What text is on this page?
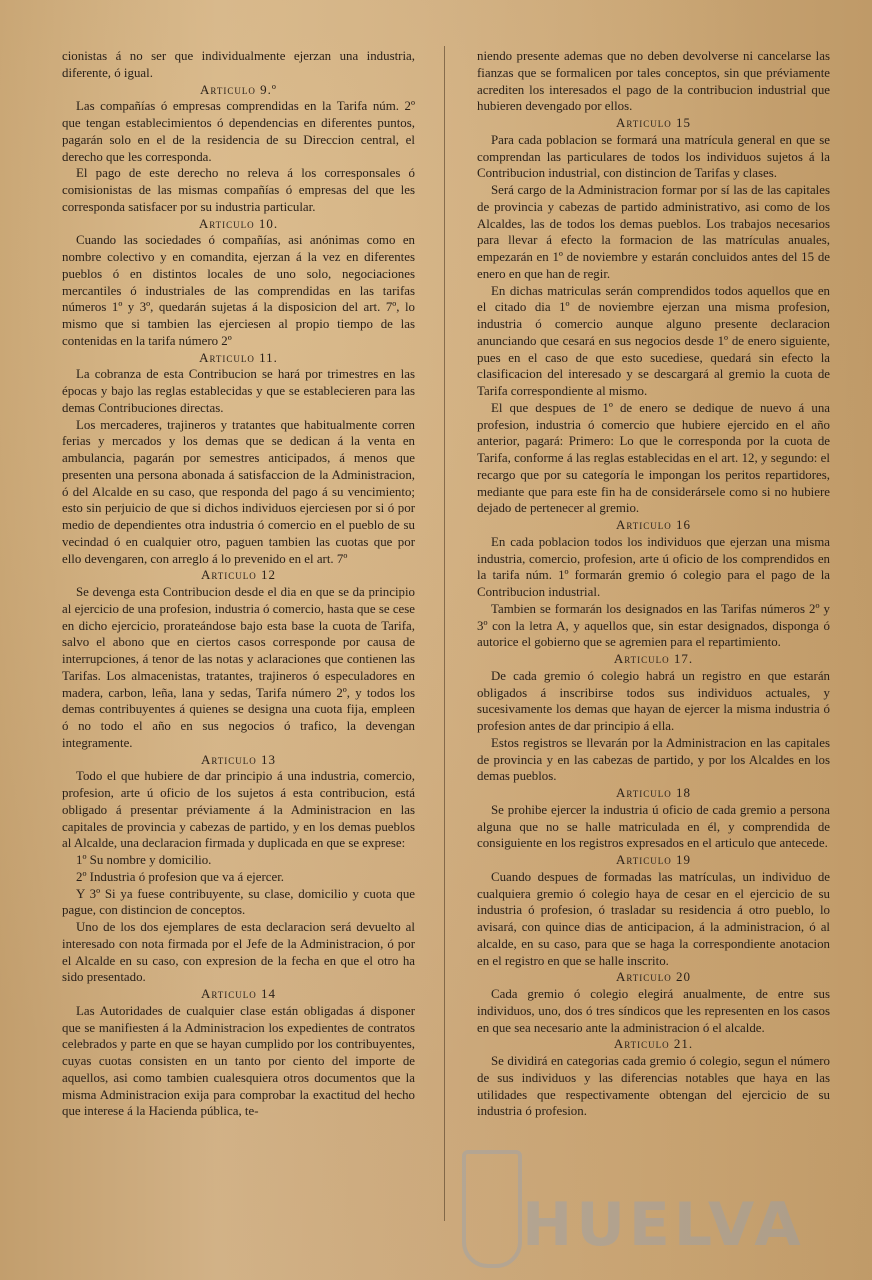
cionistas á no ser que individualmente ejerzan una industria, diferente, ó igual.

Articulo 9.º

Las compañías ó empresas comprendidas en la Tarifa núm. 2º que tengan establecimientos ó dependencias en diferentes puntos, pagarán solo en el de la residencia de su Direccion central, el derecho que les corresponda.

El pago de este derecho no releva á los corresponsales ó comisionistas de las mismas compañías ó empresas del que les corresponda satisfacer por su industria particular.

Articulo 10.

Cuando las sociedades ó compañías, asi anónimas como en nombre colectivo y en comandita, ejerzan á la vez en diferentes pueblos ó en distintos locales de uno solo, negociaciones mercantiles ó industriales de las comprendidas en las tarifas números 1º y 3º, quedarán sujetas á la disposicion del art. 7º, lo mismo que si tambien las ejerciesen al propio tiempo de las contenidas en la tarifa número 2º

Articulo 11.

La cobranza de esta Contribucion se hará por trimestres en las épocas y bajo las reglas establecidas y que se establecieren para las demas Contribuciones directas.

Los mercaderes, trajineros y tratantes que habitualmente corren ferias y mercados y los demas que se dedican á la venta en ambulancia, pagarán por semestres anticipados, á menos que presenten una persona abonada á satisfaccion de la Administracion, ó del Alcalde en su caso, que responda del pago á su vencimiento; esto sin perjuicio de que si dichos individuos ejerciesen por si ó por medio de dependientes otra industria ó comercio en el pueblo de su vecindad ó en cualquier otro, paguen tambien las cuotas que por ello devengaren, con arreglo á lo prevenido en el art. 7º

Articulo 12

Se devenga esta Contribucion desde el dia en que se da principio al ejercicio de una profesion, industria ó comercio, hasta que se cese en dicho ejercicio, prorateándose bajo esta base la cuota de Tarifa, salvo el abono que en ciertos casos corresponde por causa de interrupciones, á tenor de las notas y aclaraciones que contienen las Tarifas. Los almacenistas, tratantes, trajineros ó especuladores en madera, carbon, leña, lana y sedas, Tarifa número 2º, y todos los demas contribuyentes á quienes se designa una cuota fija, empleen ó no todo el año en sus negocios ó trafico, la devengan integramente.

Articulo 13

Todo el que hubiere de dar principio á una industria, comercio, profesion, arte ú oficio de los sujetos á esta contribucion, está obligado á presentar préviamente á la Administracion en las capitales de provincia y cabezas de partido, y en los demas pueblos al Alcalde, una declaracion firmada y duplicada en que se exprese:

1º Su nombre y domicilio.

2º Industria ó profesion que va á ejercer.

Y 3º Si ya fuese contribuyente, su clase, domicilio y cuota que pague, con distincion de conceptos.

Uno de los dos ejemplares de esta declaracion será devuelto al interesado con nota firmada por el Jefe de la Administracion, ó por el Alcalde en su caso, con expresion de la fecha en que el otro ha sido presentado.

Articulo 14

Las Autoridades de cualquier clase están obligadas á disponer que se manifiesten á la Administracion los expedientes de contratos celebrados y parte en que se hayan cumplido por los contribuyentes, cuyas cuotas consisten en un tanto por ciento del importe de aquellos, asi como tambien cualesquiera otros documentos que la misma Administracion exija para comprobar la exactitud del hecho que interese á la Hacienda pública, te-

niendo presente ademas que no deben devolverse ni cancelarse las fianzas que se formalicen por tales conceptos, sin que préviamente acrediten los interesados el pago de la contribucion industrial que hubieren devengado por ellos.

Articulo 15

Para cada poblacion se formará una matrícula general en que se comprendan las particulares de todos los individuos sujetos á la Contribucion industrial, con distincion de Tarifas y clases.

Será cargo de la Administracion formar por sí las de las capitales de provincia y cabezas de partido administrativo, asi como de los Alcaldes, las de todos los demas pueblos. Los trabajos necesarios para llevar á efecto la formacion de las matrículas anuales, empezarán en 1º de noviembre y estarán concluidos antes del 15 de enero en que han de regir.

En dichas matriculas serán comprendidos todos aquellos que en el citado dia 1º de noviembre ejerzan una misma profesion, industria ó comercio aunque alguno presente declaracion anunciando que cesará en sus negocios desde 1º de enero siguiente, pues en el caso de que esto sucediese, quedará sin efecto la clasificacion del interesado y se descargará al gremio la cuota de Tarifa correspondiente al mismo.

El que despues de 1º de enero se dedique de nuevo á una profesion, industria ó comercio que hubiere ejercido en el año anterior, pagará: Primero: Lo que le corresponda por la cuota de Tarifa, conforme á las reglas establecidas en el art. 12, y segundo: el recargo que por su categoría le impongan los peritos repartidores, mediante que para este fin ha de considerársele como si no hubiere dejado de pertenecer al gremio.

Articulo 16

En cada poblacion todos los individuos que ejerzan una misma industria, comercio, profesion, arte ú oficio de los comprendidos en la tarifa núm. 1º formarán gremio ó colegio para el pago de la Contribucion industrial.

Tambien se formarán los designados en las Tarifas números 2º y 3º con la letra A, y aquellos que, sin estar designados, disponga ó autorice el gobierno que se agremien para el repartimiento.

Articulo 17.

De cada gremio ó colegio habrá un registro en que estarán obligados á inscribirse todos sus individuos actuales, y sucesivamente los demas que hayan de ejercer la misma industria ó profesion antes de dar principio á ella.

Estos registros se llevarán por la Administracion en las capitales de provincia y en las cabezas de partido, y por los Alcaldes en los demas pueblos.

Articulo 18

Se prohibe ejercer la industria ú oficio de cada gremio a persona alguna que no se halle matriculada en él, y comprendida de consiguiente en los registros expresados en el articulo que antecede.

Articulo 19

Cuando despues de formadas las matrículas, un individuo de cualquiera gremio ó colegio haya de cesar en el ejercicio de su industria ó profesion, ó trasladar su residencia á otro pueblo, lo avisará, con quince dias de anticipacion, á la administracion, ó al alcalde, en su caso, para que se haga la correspondiente anotacion en el registro en que se halle inscrito.

Articulo 20

Cada gremio ó colegio elegirá anualmente, de entre sus individuos, uno, dos ó tres síndicos que les representen en los casos en que sea necesario ante la administracion ó el alcalde.

Articulo 21.

Se dividirá en categorias cada gremio ó colegio, segun el número de sus individuos y las diferencias notables que haya en las utilidades que respectivamente obtengan del ejercicio de su industria ó profesion.

HUELVA
